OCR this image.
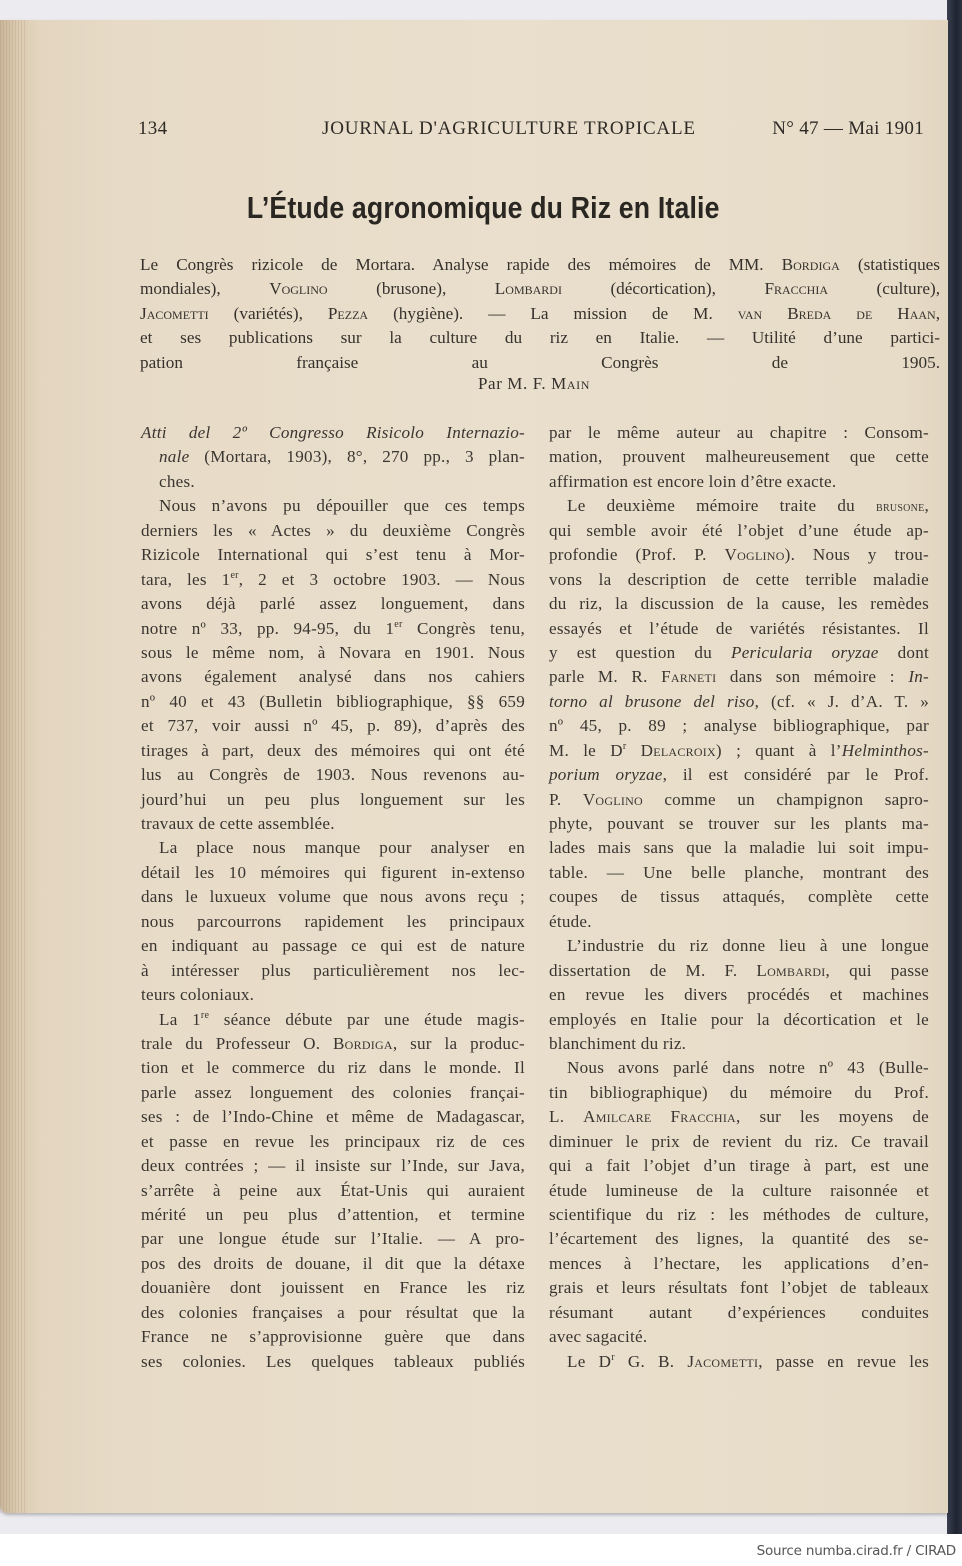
134	JOURNAL D'AGRICULTURE TROPICALE	N° 47 — Mai 1901
L’Étude agronomique du Riz en Italie
Le Congrès rizicole de Mortara. Analyse rapide des mémoires de MM. Bordiga (statistiques
mondiales), Voglino (brusone), Lombardi (décortication), Fracchia (culture),
Jacometti (variétés), Pezza (hygiène). — La mission de M. van Breda de Haan,
et ses publications sur la culture du riz en Italie. — Utilité d’une partici-
pation française au Congrès de 1905.
Par M. F. Main
Atti del 2º Congresso Risicolo Internazio-
nale (Mortara, 1903), 8°, 270 pp., 3 plan-
ches.
Nous n’avons pu dépouiller que ces temps
derniers les « Actes » du deuxième Congrès
Rizicole International qui s’est tenu à Mor-
tara, les 1er, 2 et 3 octobre 1903. — Nous
avons déjà parlé assez longuement, dans
notre nº 33, pp. 94-95, du 1er Congrès tenu,
sous le même nom, à Novara en 1901. Nous
avons également analysé dans nos cahiers
nº 40 et 43 (Bulletin bibliographique, §§ 659
et 737, voir aussi nº 45, p. 89), d’après des
tirages à part, deux des mémoires qui ont été
lus au Congrès de 1903. Nous revenons au-
jourd’hui un peu plus longuement sur les
travaux de cette assemblée.
La place nous manque pour analyser en
détail les 10 mémoires qui figurent in-extenso
dans le luxueux volume que nous avons reçu ;
nous parcourrons rapidement les principaux
en indiquant au passage ce qui est de nature
à intéresser plus particulièrement nos lec-
teurs coloniaux.
La 1re séance débute par une étude magis-
trale du Professeur O. Bordiga, sur la produc-
tion et le commerce du riz dans le monde. Il
parle assez longuement des colonies françai-
ses : de l’Indo-Chine et même de Madagascar,
et passe en revue les principaux riz de ces
deux contrées ; — il insiste sur l’Inde, sur Java,
s’arrête à peine aux État-Unis qui auraient
mérité un peu plus d’attention, et termine
par une longue étude sur l’Italie. — A pro-
pos des droits de douane, il dit que la détaxe
douanière dont jouissent en France les riz
des colonies françaises a pour résultat que la
France ne s’approvisionne guère que dans
ses colonies. Les quelques tableaux publiés
par le même auteur au chapitre : Consom-
mation, prouvent malheureusement que cette
affirmation est encore loin d’être exacte.
Le deuxième mémoire traite du brusone,
qui semble avoir été l’objet d’une étude ap-
profondie (Prof. P. Voglino). Nous y trou-
vons la description de cette terrible maladie
du riz, la discussion de la cause, les remèdes
essayés et l’étude de variétés résistantes. Il
y est question du Pericularia oryzae dont
parle M. R. Farneti dans son mémoire : In-
torno al brusone del riso, (cf. « J. d’A. T. »
nº 45, p. 89 ; analyse bibliographique, par
M. le $D^r$ Delacroix) ; quant à l’Helminthos-
porium oryzae, il est considéré par le Prof.
P. Voglino comme un champignon sapro-
phyte, pouvant se trouver sur les plants ma-
lades mais sans que la maladie lui soit impu-
table. — Une belle planche, montrant des
coupes de tissus attaqués, complète cette
étude.
L’industrie du riz donne lieu à une longue
dissertation de M. F. Lombardi, qui passe
en revue les divers procédés et machines
employés en Italie pour la décortication et le
blanchiment du riz.
Nous avons parlé dans notre nº 43 (Bulle-
tin bibliographique) du mémoire du Prof.
L. Amilcare Fracchia, sur les moyens de
diminuer le prix de revient du riz. Ce travail
qui a fait l’objet d’un tirage à part, est une
étude lumineuse de la culture raisonnée et
scientifique du riz : les méthodes de culture,
l’écartement des lignes, la quantité des se-
mences à l’hectare, les applications d’en-
grais et leurs résultats font l’objet de tableaux
résumant autant d’expériences conduites
avec sagacité.
Le $D^r$ G. B. Jacometti, passe en revue les
Source numba.cirad.fr / CIRAD
